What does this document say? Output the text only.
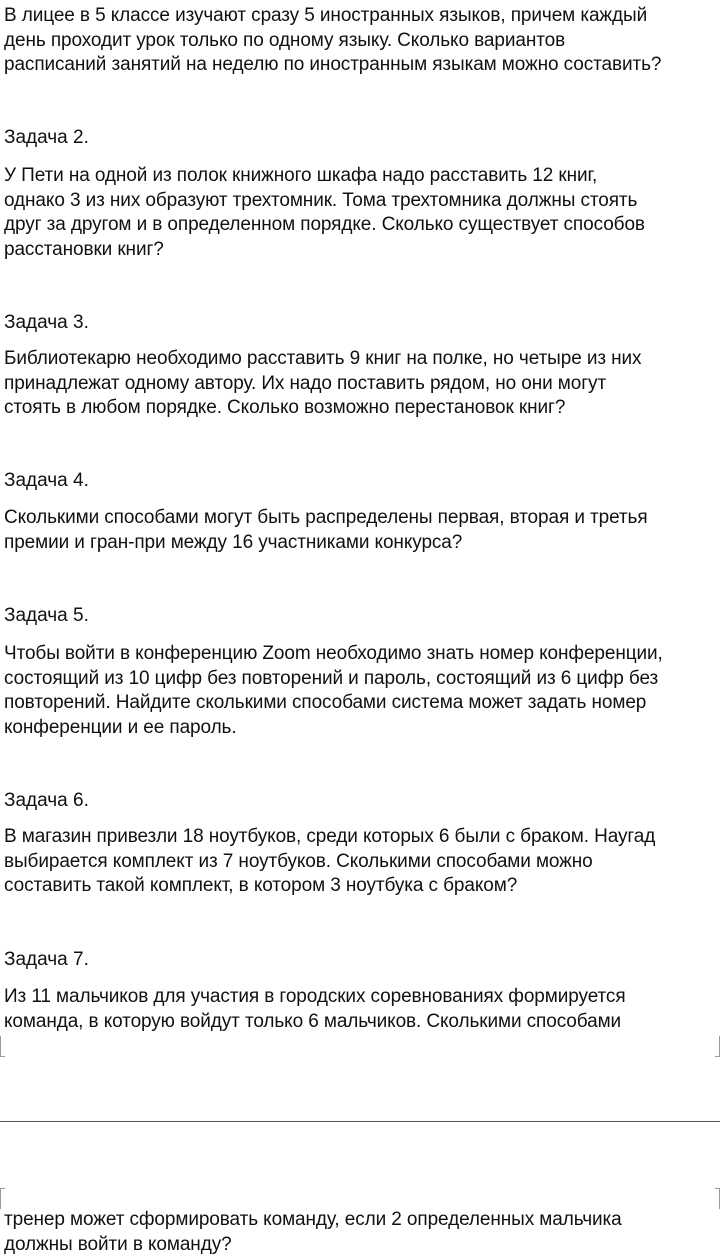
В лицее в 5 классе изучают сразу 5 иностранных языков, причем каждый
день проходит урок только по одному языку. Сколько вариантов
расписаний занятий на неделю по иностранным языкам можно составить?

Задача 2.

У Пети на одной из полок книжного шкафа надо расставить 12 книг,
однако 3 из них образуют трехтомник. Тома трехтомника должны стоять
друг за другом и в определенном порядке. Сколько существует способов
расстановки книг?

Задача 3.

Библиотекарю необходимо расставить 9 книг на полке, но четыре из них
принадлежат одному автору. Их надо поставить рядом, но они могут
стоять в любом порядке. Сколько возможно перестановок книг?

Задача 4.

Сколькими способами могут быть распределены первая, вторая и третья
премии и гран-при между 16 участниками конкурса?

Задача 5.

Чтобы войти в конференцию Zoom необходимо знать номер конференции,
состоящий из 10 цифр без повторений и пароль, состоящий из 6 цифр без
повторений. Найдите сколькими способами система может задать номер
конференции и ее пароль.

Задача 6.

В магазин привезли 18 ноутбуков, среди которых 6 были с браком. Наугад
выбирается комплект из 7 ноутбуков. Сколькими способами можно
составить такой комплект, в котором 3 ноутбука с браком?

Задача 7.

Из 11 мальчиков для участия в городских соревнованиях формируется
команда, в которую войдут только 6 мальчиков. Сколькими способами

тренер может сформировать команду, если 2 определенных мальчика
должны войти в команду?
